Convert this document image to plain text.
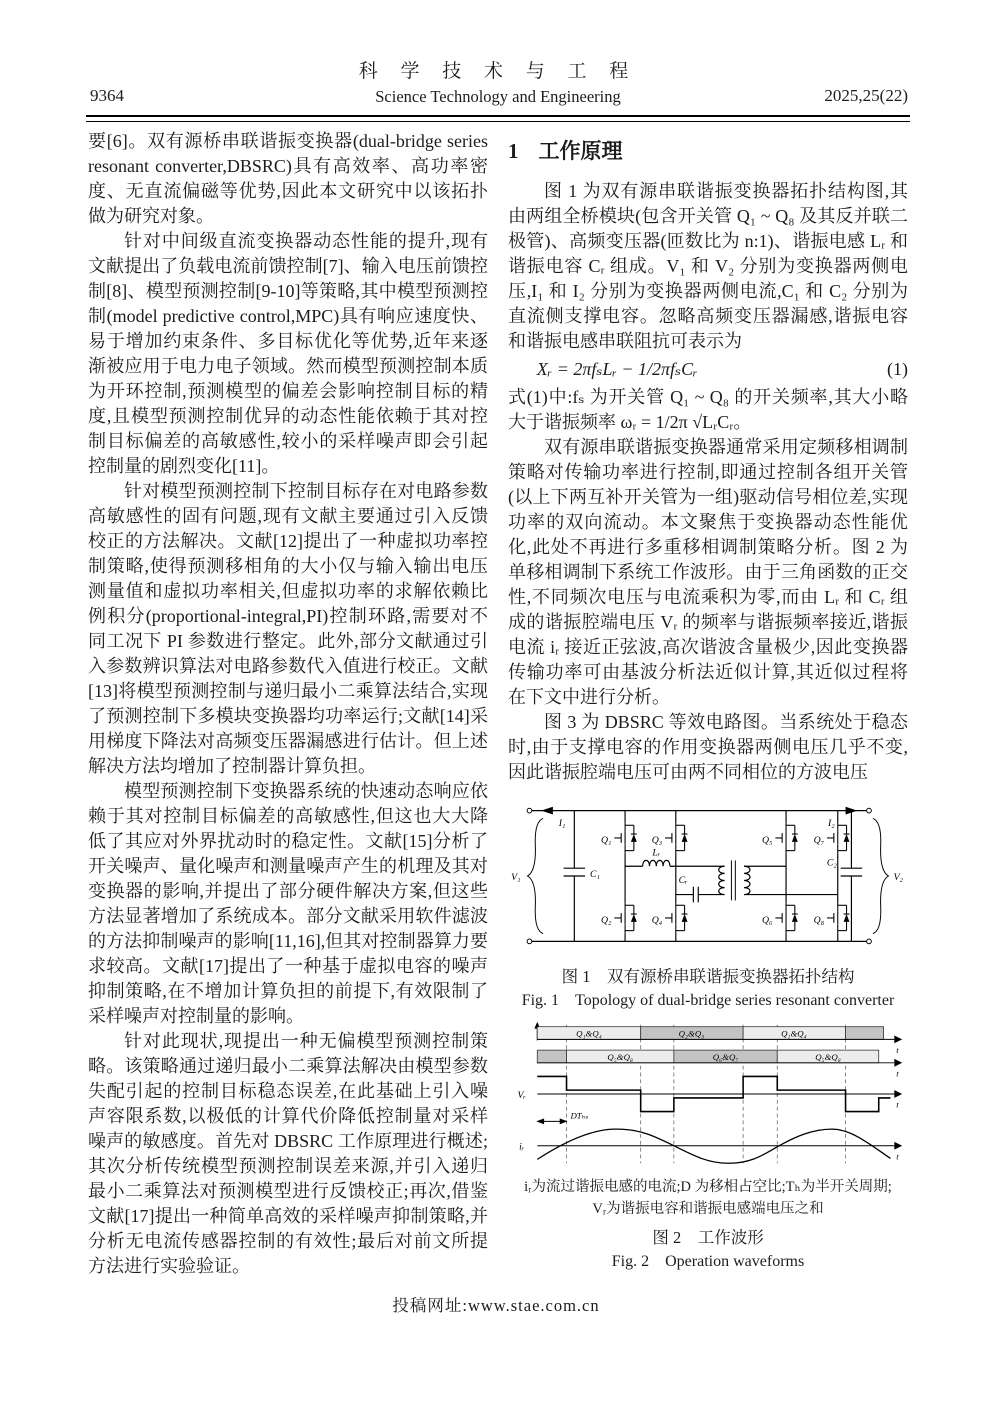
科 学 技 术 与 工 程
Science Technology and Engineering
9364	2025,25(22)

要[6]。双有源桥串联谐振变换器(dual-bridge series resonant converter,DBSRC)具有高效率、高功率密度、无直流偏磁等优势,因此本文研究中以该拓扑做为研究对象。

针对中间级直流变换器动态性能的提升,现有文献提出了负载电流前馈控制[7]、输入电压前馈控制[8]、模型预测控制[9-10]等策略,其中模型预测控制(model predictive control,MPC)具有响应速度快、易于增加约束条件、多目标优化等优势,近年来逐渐被应用于电力电子领域。然而模型预测控制本质为开环控制,预测模型的偏差会影响控制目标的精度,且模型预测控制优异的动态性能依赖于其对控制目标偏差的高敏感性,较小的采样噪声即会引起控制量的剧烈变化[11]。

针对模型预测控制下控制目标存在对电路参数高敏感性的固有问题,现有文献主要通过引入反馈校正的方法解决。文献[12]提出了一种虚拟功率控制策略,使得预测移相角的大小仅与输入输出电压测量值和虚拟功率相关,但虚拟功率的求解依赖比例积分(proportional-integral,PI)控制环路,需要对不同工况下 PI 参数进行整定。此外,部分文献通过引入参数辨识算法对电路参数代入值进行校正。文献[13]将模型预测控制与递归最小二乘算法结合,实现了预测控制下多模块变换器均功率运行;文献[14]采用梯度下降法对高频变压器漏感进行估计。但上述解决方法均增加了控制器计算负担。

模型预测控制下变换器系统的快速动态响应依赖于其对控制目标偏差的高敏感性,但这也大大降低了其应对外界扰动时的稳定性。文献[15]分析了开关噪声、量化噪声和测量噪声产生的机理及其对变换器的影响,并提出了部分硬件解决方案,但这些方法显著增加了系统成本。部分文献采用软件滤波的方法抑制噪声的影响[11,16],但其对控制器算力要求较高。文献[17]提出了一种基于虚拟电容的噪声抑制策略,在不增加计算负担的前提下,有效限制了采样噪声对控制量的影响。

针对此现状,现提出一种无偏模型预测控制策略。该策略通过递归最小二乘算法解决由模型参数失配引起的控制目标稳态误差,在此基础上引入噪声容限系数,以极低的计算代价降低控制量对采样噪声的敏感度。首先对 DBSRC 工作原理进行概述;其次分析传统模型预测控制误差来源,并引入递归最小二乘算法对预测模型进行反馈校正;再次,借鉴文献[17]提出一种简单高效的采样噪声抑制策略,并分析无电流传感器控制的有效性;最后对前文所提方法进行实验验证。

1 工作原理

图 1 为双有源串联谐振变换器拓扑结构图,其由两组全桥模块(包含开关管 Q₁ ~ Q₈ 及其反并联二极管)、高频变压器(匝数比为 n:1)、谐振电感 Lᵣ 和谐振电容 Cᵣ 组成。V₁ 和 V₂ 分别为变换器两侧电压,I₁ 和 I₂ 分别为变换器两侧电流,C₁ 和 C₂ 分别为直流侧支撑电容。忽略高频变压器漏感,谐振电容和谐振电感串联阻抗可表示为

Xᵣ = 2πfₛLᵣ − 1/2πfₛCᵣ	(1)

式(1)中:fₛ 为开关管 Q₁ ~ Q₈ 的开关频率,其大小略大于谐振频率 ωᵣ = 1/2π √LᵣCᵣ。

双有源串联谐振变换器通常采用定频移相调制策略对传输功率进行控制,即通过控制各组开关管(以上下两互补开关管为一组)驱动信号相位差,实现功率的双向流动。本文聚焦于变换器动态性能优化,此处不再进行多重移相调制策略分析。图 2 为单移相调制下系统工作波形。由于三角函数的正交性,不同频次电压与电流乘积为零,而由 Lᵣ 和 Cᵣ 组成的谐振腔端电压 Vᵣ 的频率与谐振频率接近,谐振电流 iᵣ 接近正弦波,高次谐波含量极少,因此变换器传输功率可由基波分析法近似计算,其近似过程将在下文中进行分析。

图 3 为 DBSRC 等效电路图。当系统处于稳态时,由于支撑电容的作用变换器两侧电压几乎不变,因此谐振腔端电压可由两不同相位的方波电压

I₁	I₂
V₁	V₂
C₁
Q₁	Q₃
Q₂	Q₄
Q₅	Q₇
Q₆	Q₈
Lᵣ
Cᵣ
C₂
图 1　双有源桥串联谐振变换器拓扑结构
Fig. 1　Topology of dual-bridge series resonant converter
Q₁&Q₄	Q₂&Q₃	Q₁&Q₄
t
Q₅&Q₈	Q₆&Q₇	Q₅&Q₈
t
Vᵣ
t
DTₕₛ
iᵣ
t
iᵣ为流过谐振电感的电流;D 为移相占空比;Tₕ为半开关周期;
Vᵣ为谐振电容和谐振电感端电压之和
图 2　工作波形
Fig. 2　Operation waveforms
投稿网址:www.stae.com.cn
